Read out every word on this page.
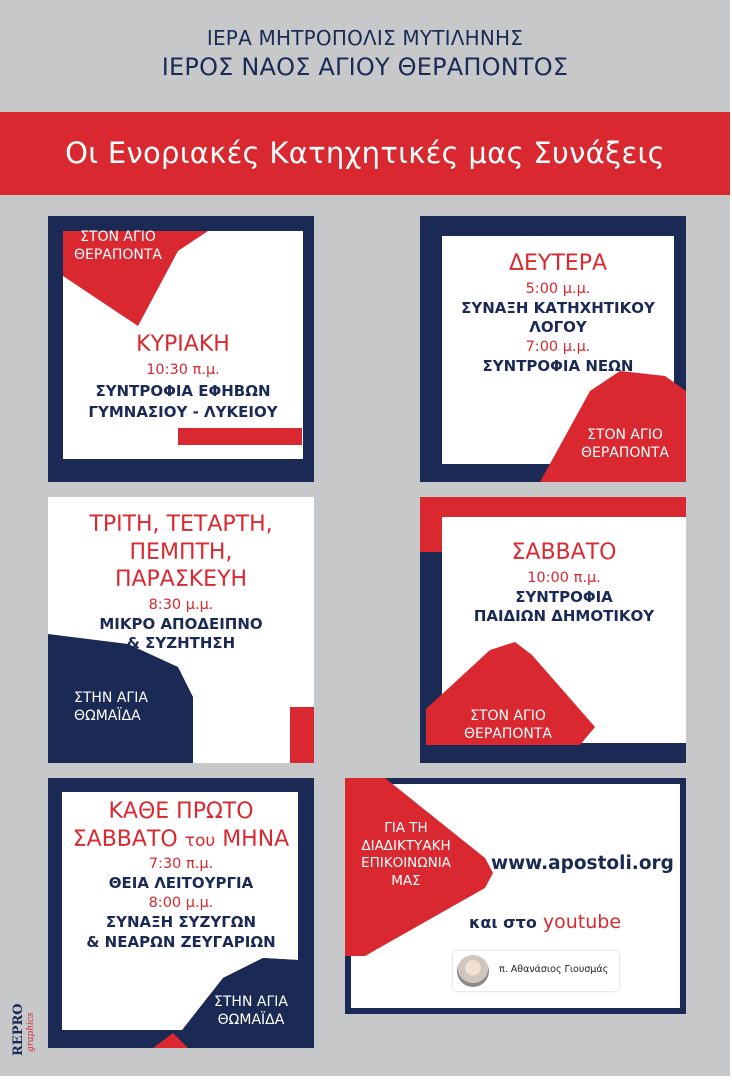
ΙΕΡΑ ΜΗΤΡΟΠΟΛΙΣ ΜΥΤΙΛΗΝΗΣ
ΙΕΡΟΣ ΝΑΟΣ ΑΓΙΟΥ ΘΕΡΑΠΟΝΤΟΣ
Οι Ενοριακές Κατηχητικές μας Συνάξεις
ΣΤΟΝ ΑΓΙΟ
ΘΕΡΑΠΟΝΤΑ
ΚΥΡΙΑΚΗ
10:30 π.μ.
ΣΥΝΤΡΟΦΙΑ ΕΦΗΒΩΝ
ΓΥΜΝΑΣΙΟΥ - ΛΥΚΕΙΟΥ
ΔΕΥΤΕΡΑ
5:00 μ.μ.
ΣΥΝΑΞΗ ΚΑΤΗΧΗΤΙΚΟΥ
ΛΟΓΟΥ
7:00 μ.μ.
ΣΥΝΤΡΟΦΙΑ ΝΕΩΝ
ΣΤΟΝ ΑΓΙΟ
ΘΕΡΑΠΟΝΤΑ
ΤΡΙΤΗ, ΤΕΤΑΡΤΗ,
ΠΕΜΠΤΗ,
ΠΑΡΑΣΚΕΥΗ
8:30 μ.μ.
ΜΙΚΡΟ ΑΠΟΔΕΙΠΝΟ
& ΣΥΖΗΤΗΣΗ
ΣΤΗΝ ΑΓΙΑ
ΘΩΜΑΪΔΑ
ΣΑΒΒΑΤΟ
10:00 π.μ.
ΣΥΝΤΡΟΦΙΑ
ΠΑΙΔΙΩΝ ΔΗΜΟΤΙΚΟΥ
ΣΤΟΝ ΑΓΙΟ
ΘΕΡΑΠΟΝΤΑ
ΚΑΘΕ ΠΡΩΤΟ
ΣΑΒΒΑΤΟ του ΜΗΝΑ
7:30 π.μ.
ΘΕΙΑ ΛΕΙΤΟΥΡΓΙΑ
8:00 μ.μ.
ΣΥΝΑΞΗ ΣΥΖΥΓΩΝ
& ΝΕΑΡΩΝ ΖΕΥΓΑΡΙΩΝ
ΣΤΗΝ ΑΓΙΑ
ΘΩΜΑΪΔΑ
ΓΙΑ ΤΗ
ΔΙΑΔΙΚΤΥΑΚΗ
ΕΠΙΚΟΙΝΩΝΙΑ
ΜΑΣ
www.apostoli.org
και στο youtube
π. Αθανάσιος Γιουσμάς
REPRO graphics
